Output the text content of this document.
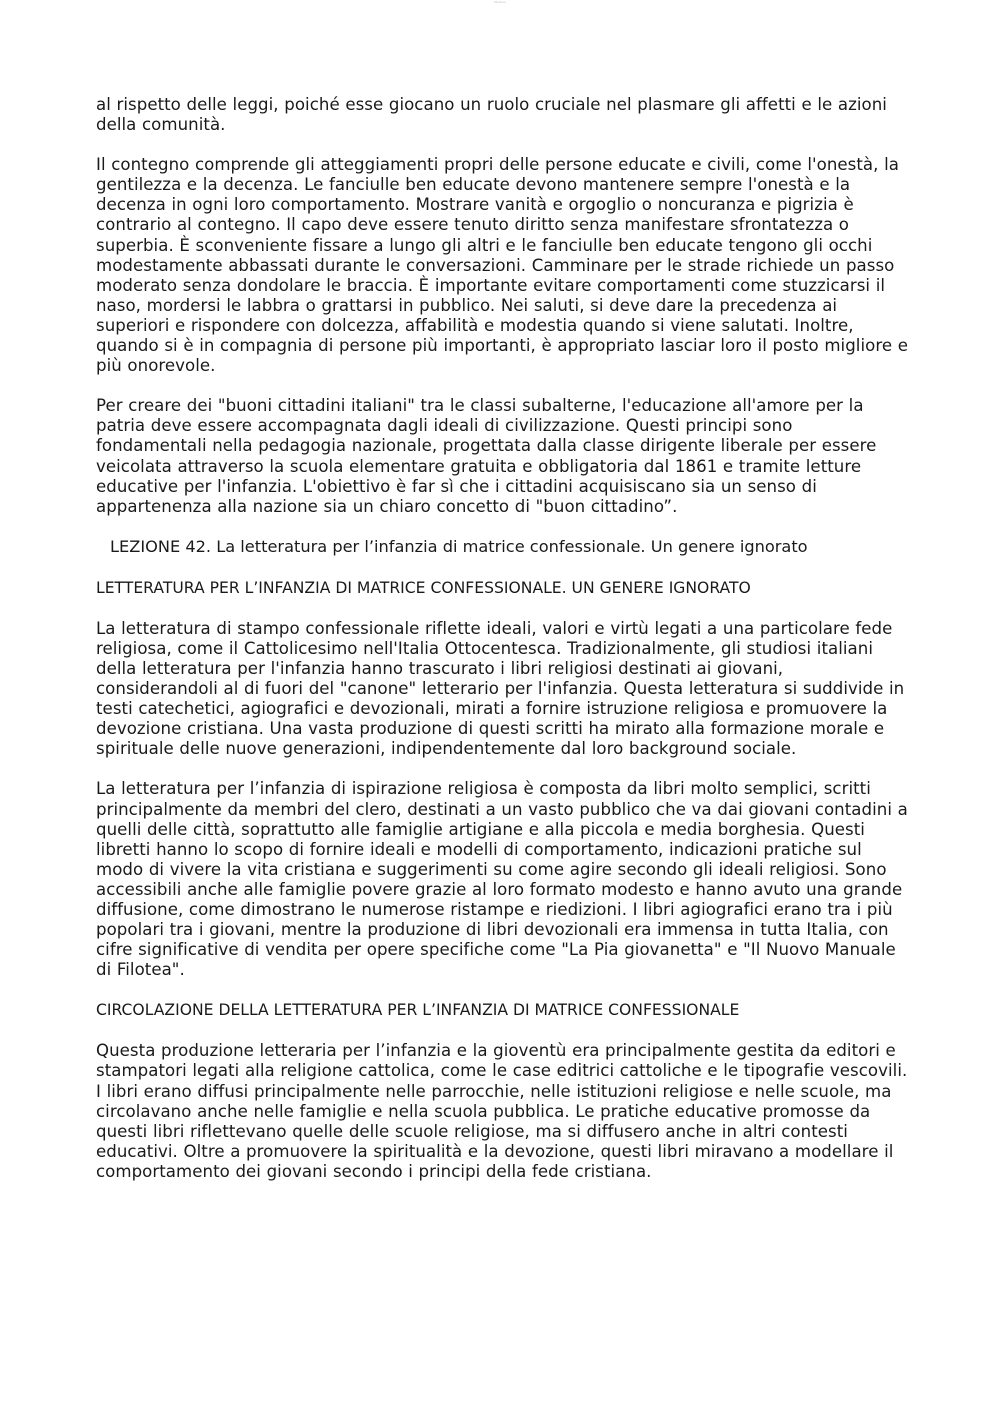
Studocu

al rispetto delle leggi, poiché esse giocano un ruolo cruciale nel plasmare gli affetti e le azioni della comunità.

Il contegno comprende gli atteggiamenti propri delle persone educate e civili, come l'onestà, la gentilezza e la decenza. Le fanciulle ben educate devono mantenere sempre l'onestà e la decenza in ogni loro comportamento. Mostrare vanità e orgoglio o noncuranza e pigrizia è contrario al contegno. Il capo deve essere tenuto diritto senza manifestare sfrontatezza o superbia. È sconveniente fissare a lungo gli altri e le fanciulle ben educate tengono gli occhi modestamente abbassati durante le conversazioni. Camminare per le strade richiede un passo moderato senza dondolare le braccia. È importante evitare comportamenti come stuzzicarsi il naso, mordersi le labbra o grattarsi in pubblico. Nei saluti, si deve dare la precedenza ai superiori e rispondere con dolcezza, affabilità e modestia quando si viene salutati. Inoltre, quando si è in compagnia di persone più importanti, è appropriato lasciar loro il posto migliore e più onorevole.

Per creare dei "buoni cittadini italiani" tra le classi subalterne, l'educazione all'amore per la patria deve essere accompagnata dagli ideali di civilizzazione. Questi principi sono fondamentali nella pedagogia nazionale, progettata dalla classe dirigente liberale per essere veicolata attraverso la scuola elementare gratuita e obbligatoria dal 1861 e tramite letture educative per l'infanzia. L'obiettivo è far sì che i cittadini acquisiscano sia un senso di appartenenza alla nazione sia un chiaro concetto di "buon cittadino”.

LEZIONE 42. La letteratura per l’infanzia di matrice confessionale. Un genere ignorato
LETTERATURA PER L’INFANZIA DI MATRICE CONFESSIONALE. UN GENERE IGNORATO

La letteratura di stampo confessionale riflette ideali, valori e virtù legati a una particolare fede religiosa, come il Cattolicesimo nell'Italia Ottocentesca. Tradizionalmente, gli studiosi italiani della letteratura per l'infanzia hanno trascurato i libri religiosi destinati ai giovani, considerandoli al di fuori del "canone" letterario per l'infanzia. Questa letteratura si suddivide in testi catechetici, agiografici e devozionali, mirati a fornire istruzione religiosa e promuovere la devozione cristiana. Una vasta produzione di questi scritti ha mirato alla formazione morale e spirituale delle nuove generazioni, indipendentemente dal loro background sociale.

La letteratura per l’infanzia di ispirazione religiosa è composta da libri molto semplici, scritti principalmente da membri del clero, destinati a un vasto pubblico che va dai giovani contadini a quelli delle città, soprattutto alle famiglie artigiane e alla piccola e media borghesia. Questi libretti hanno lo scopo di fornire ideali e modelli di comportamento, indicazioni pratiche sul modo di vivere la vita cristiana e suggerimenti su come agire secondo gli ideali religiosi. Sono accessibili anche alle famiglie povere grazie al loro formato modesto e hanno avuto una grande diffusione, come dimostrano le numerose ristampe e riedizioni. I libri agiografici erano tra i più popolari tra i giovani, mentre la produzione di libri devozionali era immensa in tutta Italia, con cifre significative di vendita per opere specifiche come "La Pia giovanetta" e "Il Nuovo Manuale di Filotea".

CIRCOLAZIONE DELLA LETTERATURA PER L’INFANZIA DI MATRICE CONFESSIONALE

Questa produzione letteraria per l’infanzia e la gioventù era principalmente gestita da editori e stampatori legati alla religione cattolica, come le case editrici cattoliche e le tipografie vescovili. I libri erano diffusi principalmente nelle parrocchie, nelle istituzioni religiose e nelle scuole, ma circolavano anche nelle famiglie e nella scuola pubblica. Le pratiche educative promosse da questi libri riflettevano quelle delle scuole religiose, ma si diffusero anche in altri contesti educativi. Oltre a promuovere la spiritualità e la devozione, questi libri miravano a modellare il comportamento dei giovani secondo i principi della fede cristiana.
